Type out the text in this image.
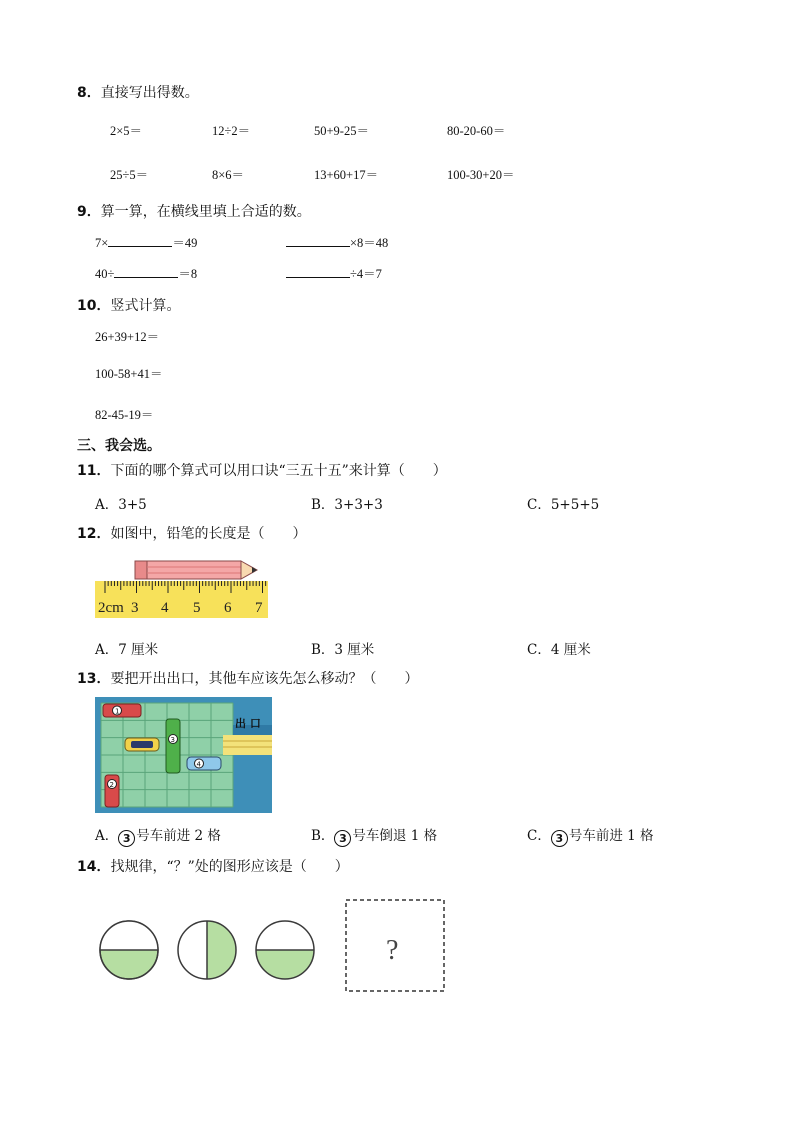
8．直接写出得数。
2×5＝	12÷2＝	50+9-25＝	80-20-60＝
25÷5＝	8×6＝	13+60+17＝	100-30+20＝
9．算一算，在横线里填上合适的数。
7×	＝49	×8＝48
40÷	＝8	÷4＝7
10．竖式计算。
26+39+12＝
100-58+41＝
82-45-19＝
三、我会选。
11．下面的哪个算式可以用口诀“三五十五”来计算（　　）
A．3+5	B．3+3+3	C．5+5+5
12．如图中，铅笔的长度是（　　）
2cm 3 4 5 6 7
A．7 厘米	B．3 厘米	C．4 厘米
13．要把开出出口，其他车应该先怎么移动？（　　）
出 口
1
3
4
2
A． 3 号车前进 2 格	B． 3 号车倒退 1 格	C． 3 号车前进 1 格
14．找规律，“？”处的图形应该是（　　）
?
